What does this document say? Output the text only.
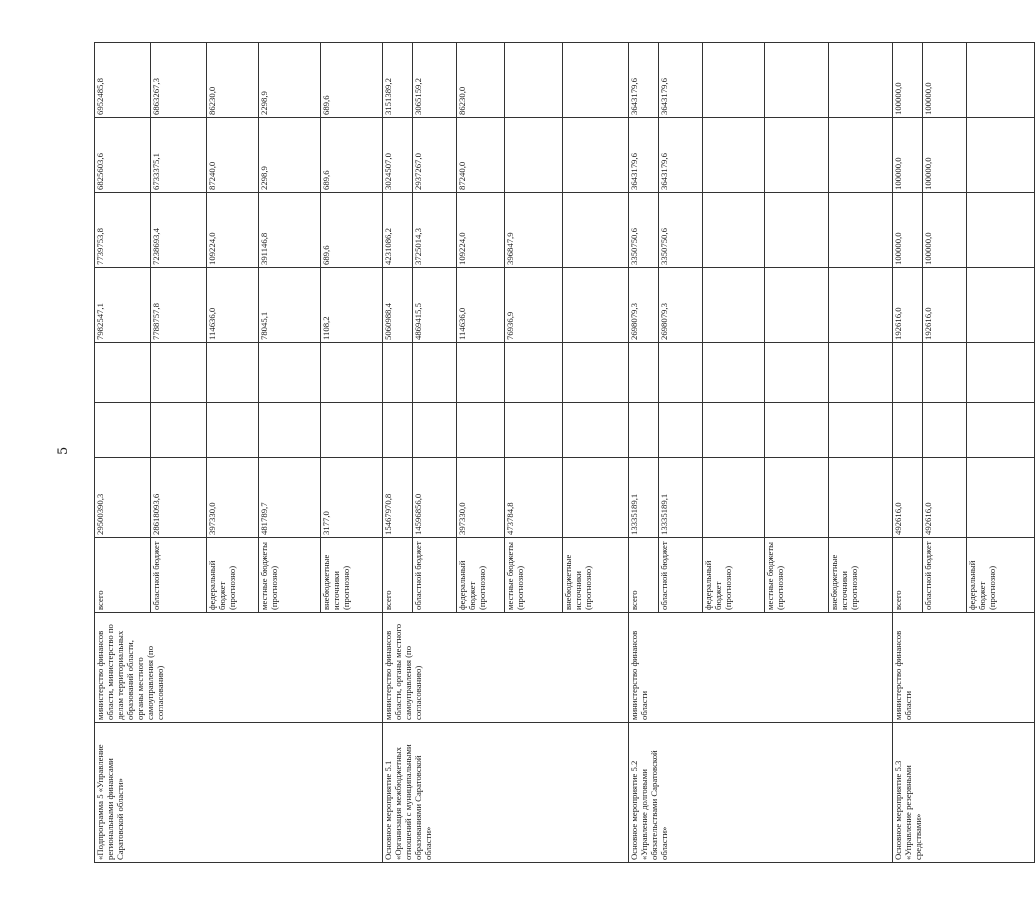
5
«Подпрограмма 5 «Управление региональными финансами Саратовской области»	министерство финансов области, министерство по делам территориальных образований области, органы местного самоуправления (по согласованию)	всего	29500390,3			7982547,1	7739753,8	6825603,6	6952485,8
		областной бюджет	28618093,6			7788757,8	7238693,4	6733375,1	6863267,3
		федеральный бюджет (прогнозно)	397330,0			114636,0	109224,0	87240,0	86230,0
		местные бюджеты (прогнозно)	481789,7			78045,1	391146,8	2298,9	2298,9
		внебюджетные источники (прогнозно)	3177,0			1108,2	689,6	689,6	689,6
Основное мероприятие 5.1 «Организация межбюджетных отношений с муниципальными образованиями Саратовской области»	министерство финансов области, органы местного самоуправления (по согласованию)	всего	15467970,8			5060988,4	4231086,2	3024507,0	3151389,2
		областной бюджет	14596856,0			4869415,5	3725014,3	2937267,0	3065159,2
		федеральный бюджет (прогнозно)	397330,0			114636,0	109224,0	87240,0	86230,0
		местные бюджеты (прогнозно)	473784,8			76936,9	396847,9		
		внебюджетные источники (прогнозно)							
Основное мероприятие 5.2 «Управление долговыми обязательствами Саратовской области»	министерство финансов области	всего	13335189,1			2698079,3	3350750,6	3643179,6	3643179,6
		областной бюджет	13335189,1			2698079,3	3350750,6	3643179,6	3643179,6
		федеральный бюджет (прогнозно)							
		местные бюджеты (прогнозно)							
		внебюджетные источники (прогнозно)							
Основное мероприятие 5.3 «Управление резервными средствами»	министерство финансов области	всего	492616,0			192616,0	100000,0	100000,0	100000,0
		областной бюджет	492616,0			192616,0	100000,0	100000,0	100000,0
		федеральный бюджет (прогнозно)							
